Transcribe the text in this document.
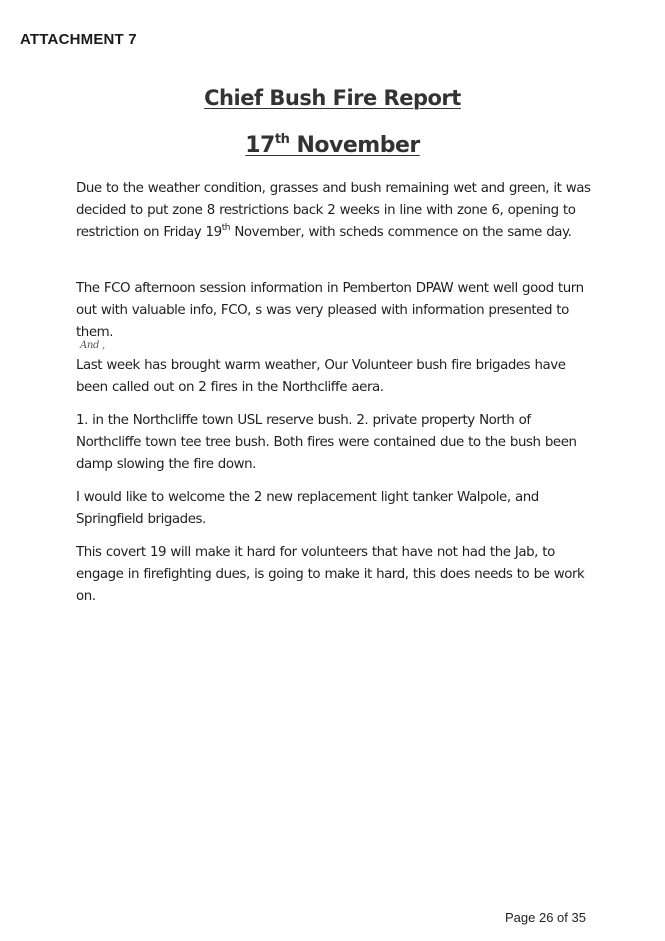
ATTACHMENT 7
Chief Bush Fire Report
17th November

Due to the weather condition, grasses and bush remaining wet and green, it was decided to put zone 8 restrictions back 2 weeks in line with zone 6, opening to restriction on Friday 19th November, with scheds commence on the same day.

The FCO afternoon session information in Pemberton DPAW went well good turn out with valuable info, FCO, s was very pleased with information presented to them.

And ,

Last week has brought warm weather, Our Volunteer bush fire brigades have been called out on 2 fires in the Northcliffe aera.

1. in the Northcliffe town USL reserve bush. 2. private property North of Northcliffe town tee tree bush. Both fires were contained due to the bush been damp slowing the fire down.

I would like to welcome the 2 new replacement light tanker Walpole, and Springfield brigades.

This covert 19 will make it hard for volunteers that have not had the Jab, to engage in firefighting dues, is going to make it hard, this does needs to be work on.

Page 26 of 35
